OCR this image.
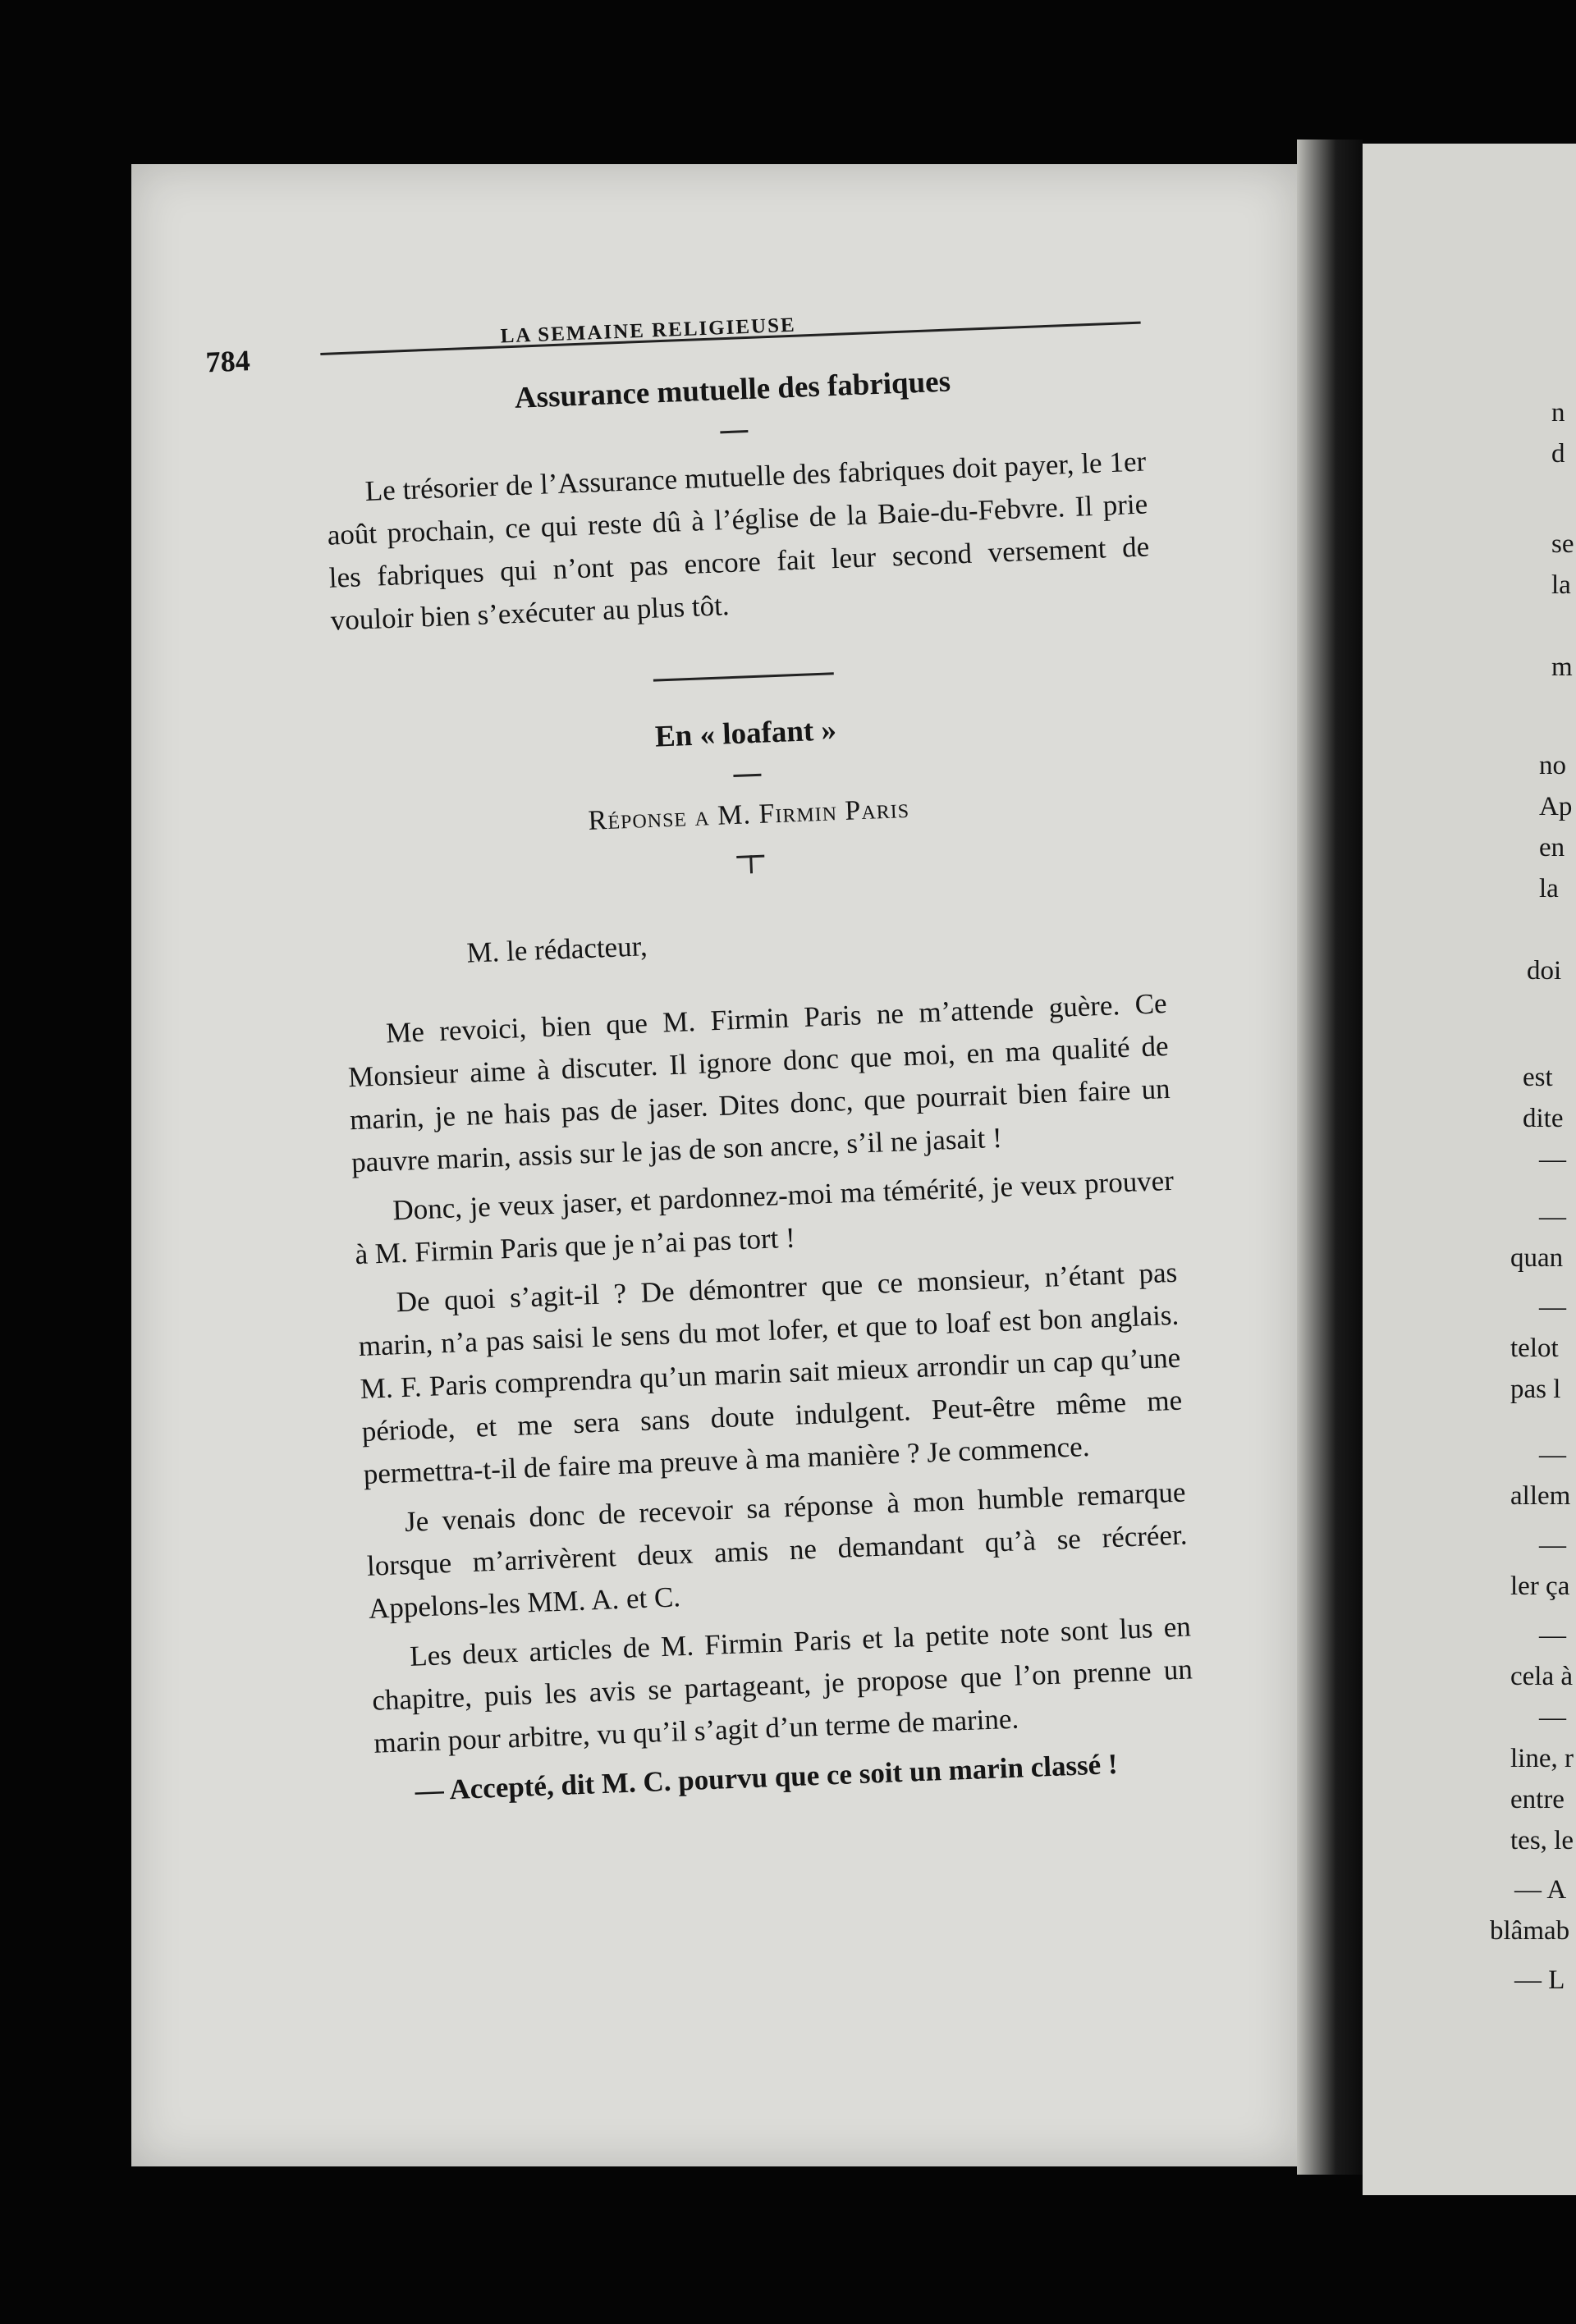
784
LA SEMAINE RELIGIEUSE
Assurance mutuelle des fabriques

Le trésorier de l’Assurance mutuelle des fabriques doit payer, le 1er août prochain, ce qui reste dû à l’église de la Baie-du-Febvre. Il prie les fabriques qui n’ont pas encore fait leur second versement de vouloir bien s’exécuter au plus tôt.

En « loafant »

Réponse a M. Firmin Paris

M. le rédacteur,

Me revoici, bien que M. Firmin Paris ne m’attende guère. Ce Monsieur aime à discuter. Il ignore donc que moi, en ma qualité de marin, je ne hais pas de jaser. Dites donc, que pourrait bien faire un pauvre marin, assis sur le jas de son ancre, s’il ne jasait !

Donc, je veux jaser, et pardonnez-moi ma témérité, je veux prouver à M. Firmin Paris que je n’ai pas tort !

De quoi s’agit-il ? De démontrer que ce monsieur, n’étant pas marin, n’a pas saisi le sens du mot lofer, et que to loaf est bon anglais. M. F. Paris comprendra qu’un marin sait mieux arrondir un cap qu’une période, et me sera sans doute indulgent. Peut-être même me permettra-t-il de faire ma preuve à ma manière ? Je commence.

Je venais donc de recevoir sa réponse à mon humble remarque lorsque m’arrivèrent deux amis ne demandant qu’à se récréer. Appelons-les MM. A. et C.

Les deux articles de M. Firmin Paris et la petite note sont lus en chapitre, puis les avis se partageant, je propose que l’on prenne un marin pour arbitre, vu qu’il s’agit d’un terme de marine.

— Accepté, dit M. C. pourvu que ce soit un marin classé !

n
d
se
la
m
no
Ap
en
la
doi
est
dite
—
—
quan
—
telot
pas l
—
allem
—
ler ça
—
cela à
—
line, r
entre
tes, le
— A
blâmab
— L
